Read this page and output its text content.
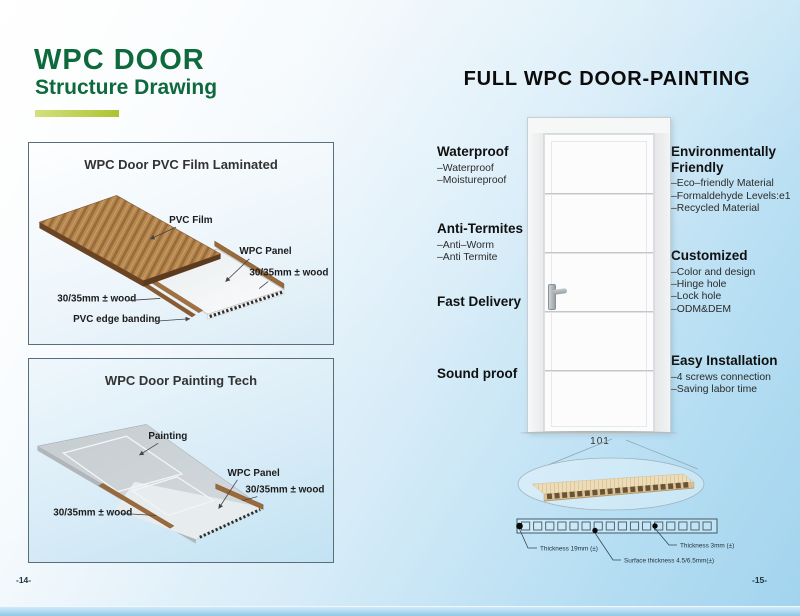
WPC DOOR
Structure Drawing
PVC Film
WPC Panel
30/35mm ± wood
30/35mm ± wood
PVC edge banding
WPC Door PVC Film Laminated
Painting
WPC Panel
30/35mm ± wood
30/35mm ± wood
WPC Door Painting Tech
FULL WPC DOOR-PAINTING
Waterproof
–Waterproof
–Moistureproof
Anti-Termites
–Anti–Worm
–Anti Termite
Fast Delivery
Sound proof
Environmentally Friendly
–Eco–friendly Material
–Formaldehyde Levels:e1
–Recycled Material
Customized
–Color and design
–Hinge hole
–Lock hole
–ODM&DEM
Easy Installation
–4 screws connection
–Saving labor time
101
Thickness 19mm (±)
Surface thickness 4.5/6.5mm(±)
Thickness 3mm (±)
-14-	-15-
